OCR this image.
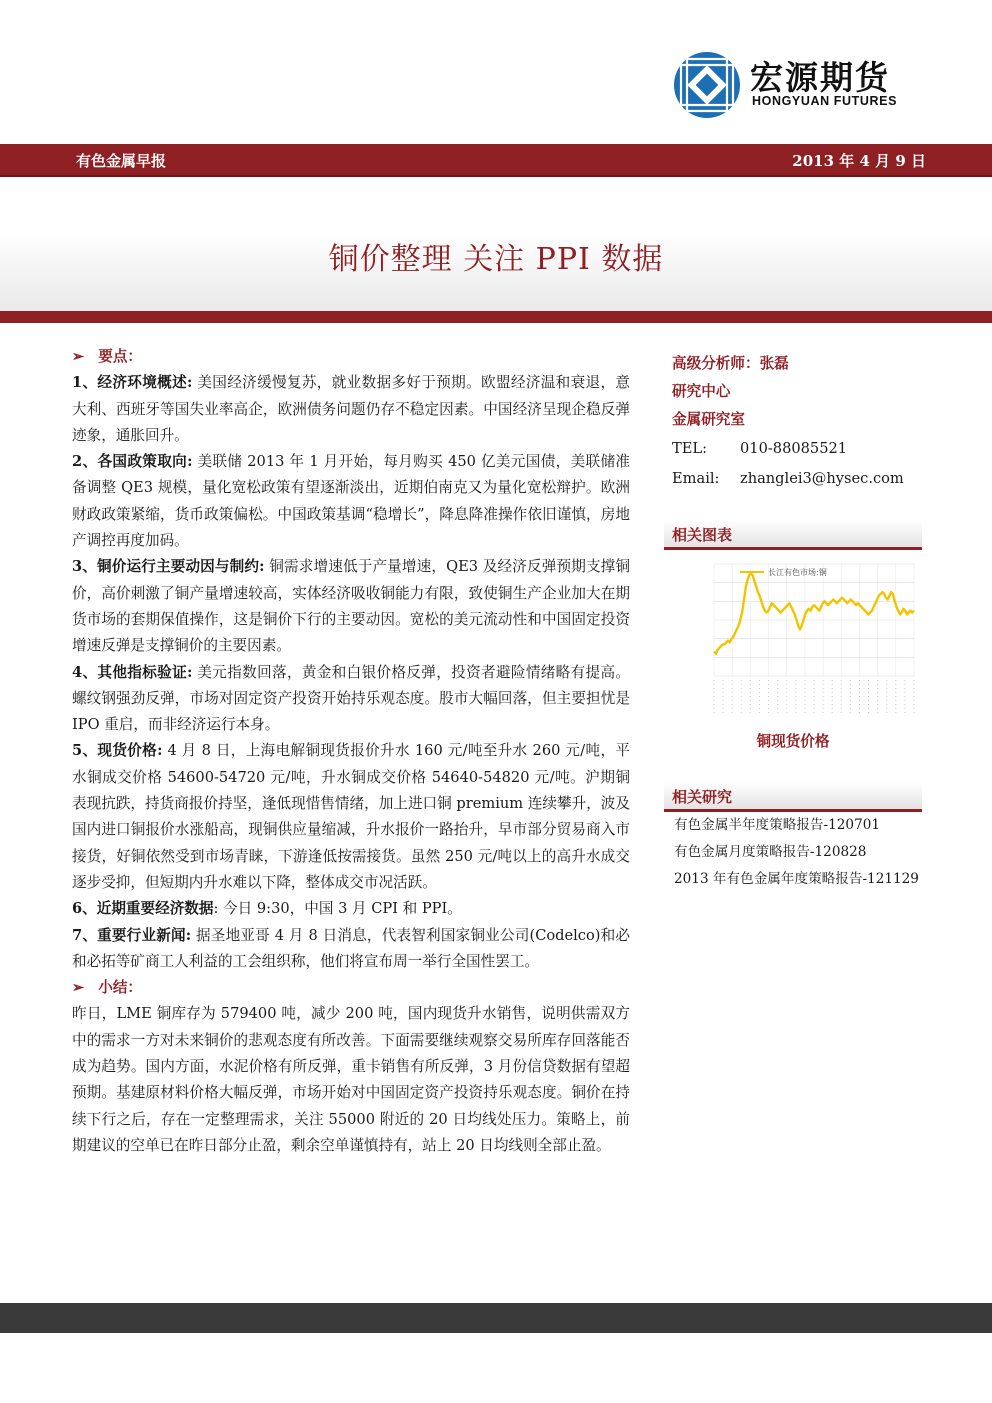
宏源期货
HONGYUAN FUTURES
有色金属早报	2013 年 4 月 9 日
铜价整理 关注 PPI 数据

➢ 要点：

1、经济环境概述: 美国经济缓慢复苏，就业数据多好于预期。欧盟经济温和衰退，意大利、西班牙等国失业率高企，欧洲债务问题仍存不稳定因素。中国经济呈现企稳反弹迹象，通胀回升。

2、各国政策取向: 美联储 2013 年 1 月开始，每月购买 450 亿美元国债，美联储准备调整 QE3 规模，量化宽松政策有望逐渐淡出，近期伯南克又为量化宽松辩护。欧洲财政政策紧缩，货币政策偏松。中国政策基调“稳增长”，降息降准操作依旧谨慎，房地产调控再度加码。

3、铜价运行主要动因与制约: 铜需求增速低于产量增速，QE3 及经济反弹预期支撑铜价，高价刺激了铜产量增速较高，实体经济吸收铜能力有限，致使铜生产企业加大在期货市场的套期保值操作，这是铜价下行的主要动因。宽松的美元流动性和中国固定投资增速反弹是支撑铜价的主要因素。

4、其他指标验证: 美元指数回落，黄金和白银价格反弹，投资者避险情绪略有提高。螺纹钢强劲反弹，市场对固定资产投资开始持乐观态度。股市大幅回落，但主要担忧是 IPO 重启，而非经济运行本身。

5、现货价格: 4 月 8 日，上海电解铜现货报价升水 160 元/吨至升水 260 元/吨，平水铜成交价格 54600-54720 元/吨，升水铜成交价格 54640-54820 元/吨。沪期铜表现抗跌，持货商报价持坚，逢低现惜售情绪，加上进口铜 premium 连续攀升，波及国内进口铜报价水涨船高，现铜供应量缩减，升水报价一路抬升，早市部分贸易商入市接货，好铜依然受到市场青睐，下游逢低按需接货。虽然 250 元/吨以上的高升水成交逐步受抑，但短期内升水难以下降，整体成交市况活跃。

6、近期重要经济数据: 今日 9:30，中国 3 月 CPI 和 PPI。

7、重要行业新闻: 据圣地亚哥 4 月 8 日消息，代表智利国家铜业公司(Codelco)和必和必拓等矿商工人利益的工会组织称，他们将宣布周一举行全国性罢工。

➢ 小结：

昨日，LME 铜库存为 579400 吨，减少 200 吨，国内现货升水销售，说明供需双方中的需求一方对未来铜价的悲观态度有所改善。下面需要继续观察交易所库存回落能否成为趋势。国内方面，水泥价格有所反弹，重卡销售有所反弹，3 月份信贷数据有望超预期。基建原材料价格大幅反弹，市场开始对中国固定资产投资持乐观态度。铜价在持续下行之后，存在一定整理需求，关注 55000 附近的 20 日均线处压力。策略上，前期建议的空单已在昨日部分止盈，剩余空单谨慎持有，站上 20 日均线则全部止盈。

高级分析师：张磊
研究中心
金属研究室
TEL: 010-88085521
Email: zhanglei3@hysec.com
相关图表
长江有色市场:铜
铜现货价格
相关研究
有色金属半年度策略报告-120701
有色金属月度策略报告-120828
2013 年有色金属年度策略报告-121129
